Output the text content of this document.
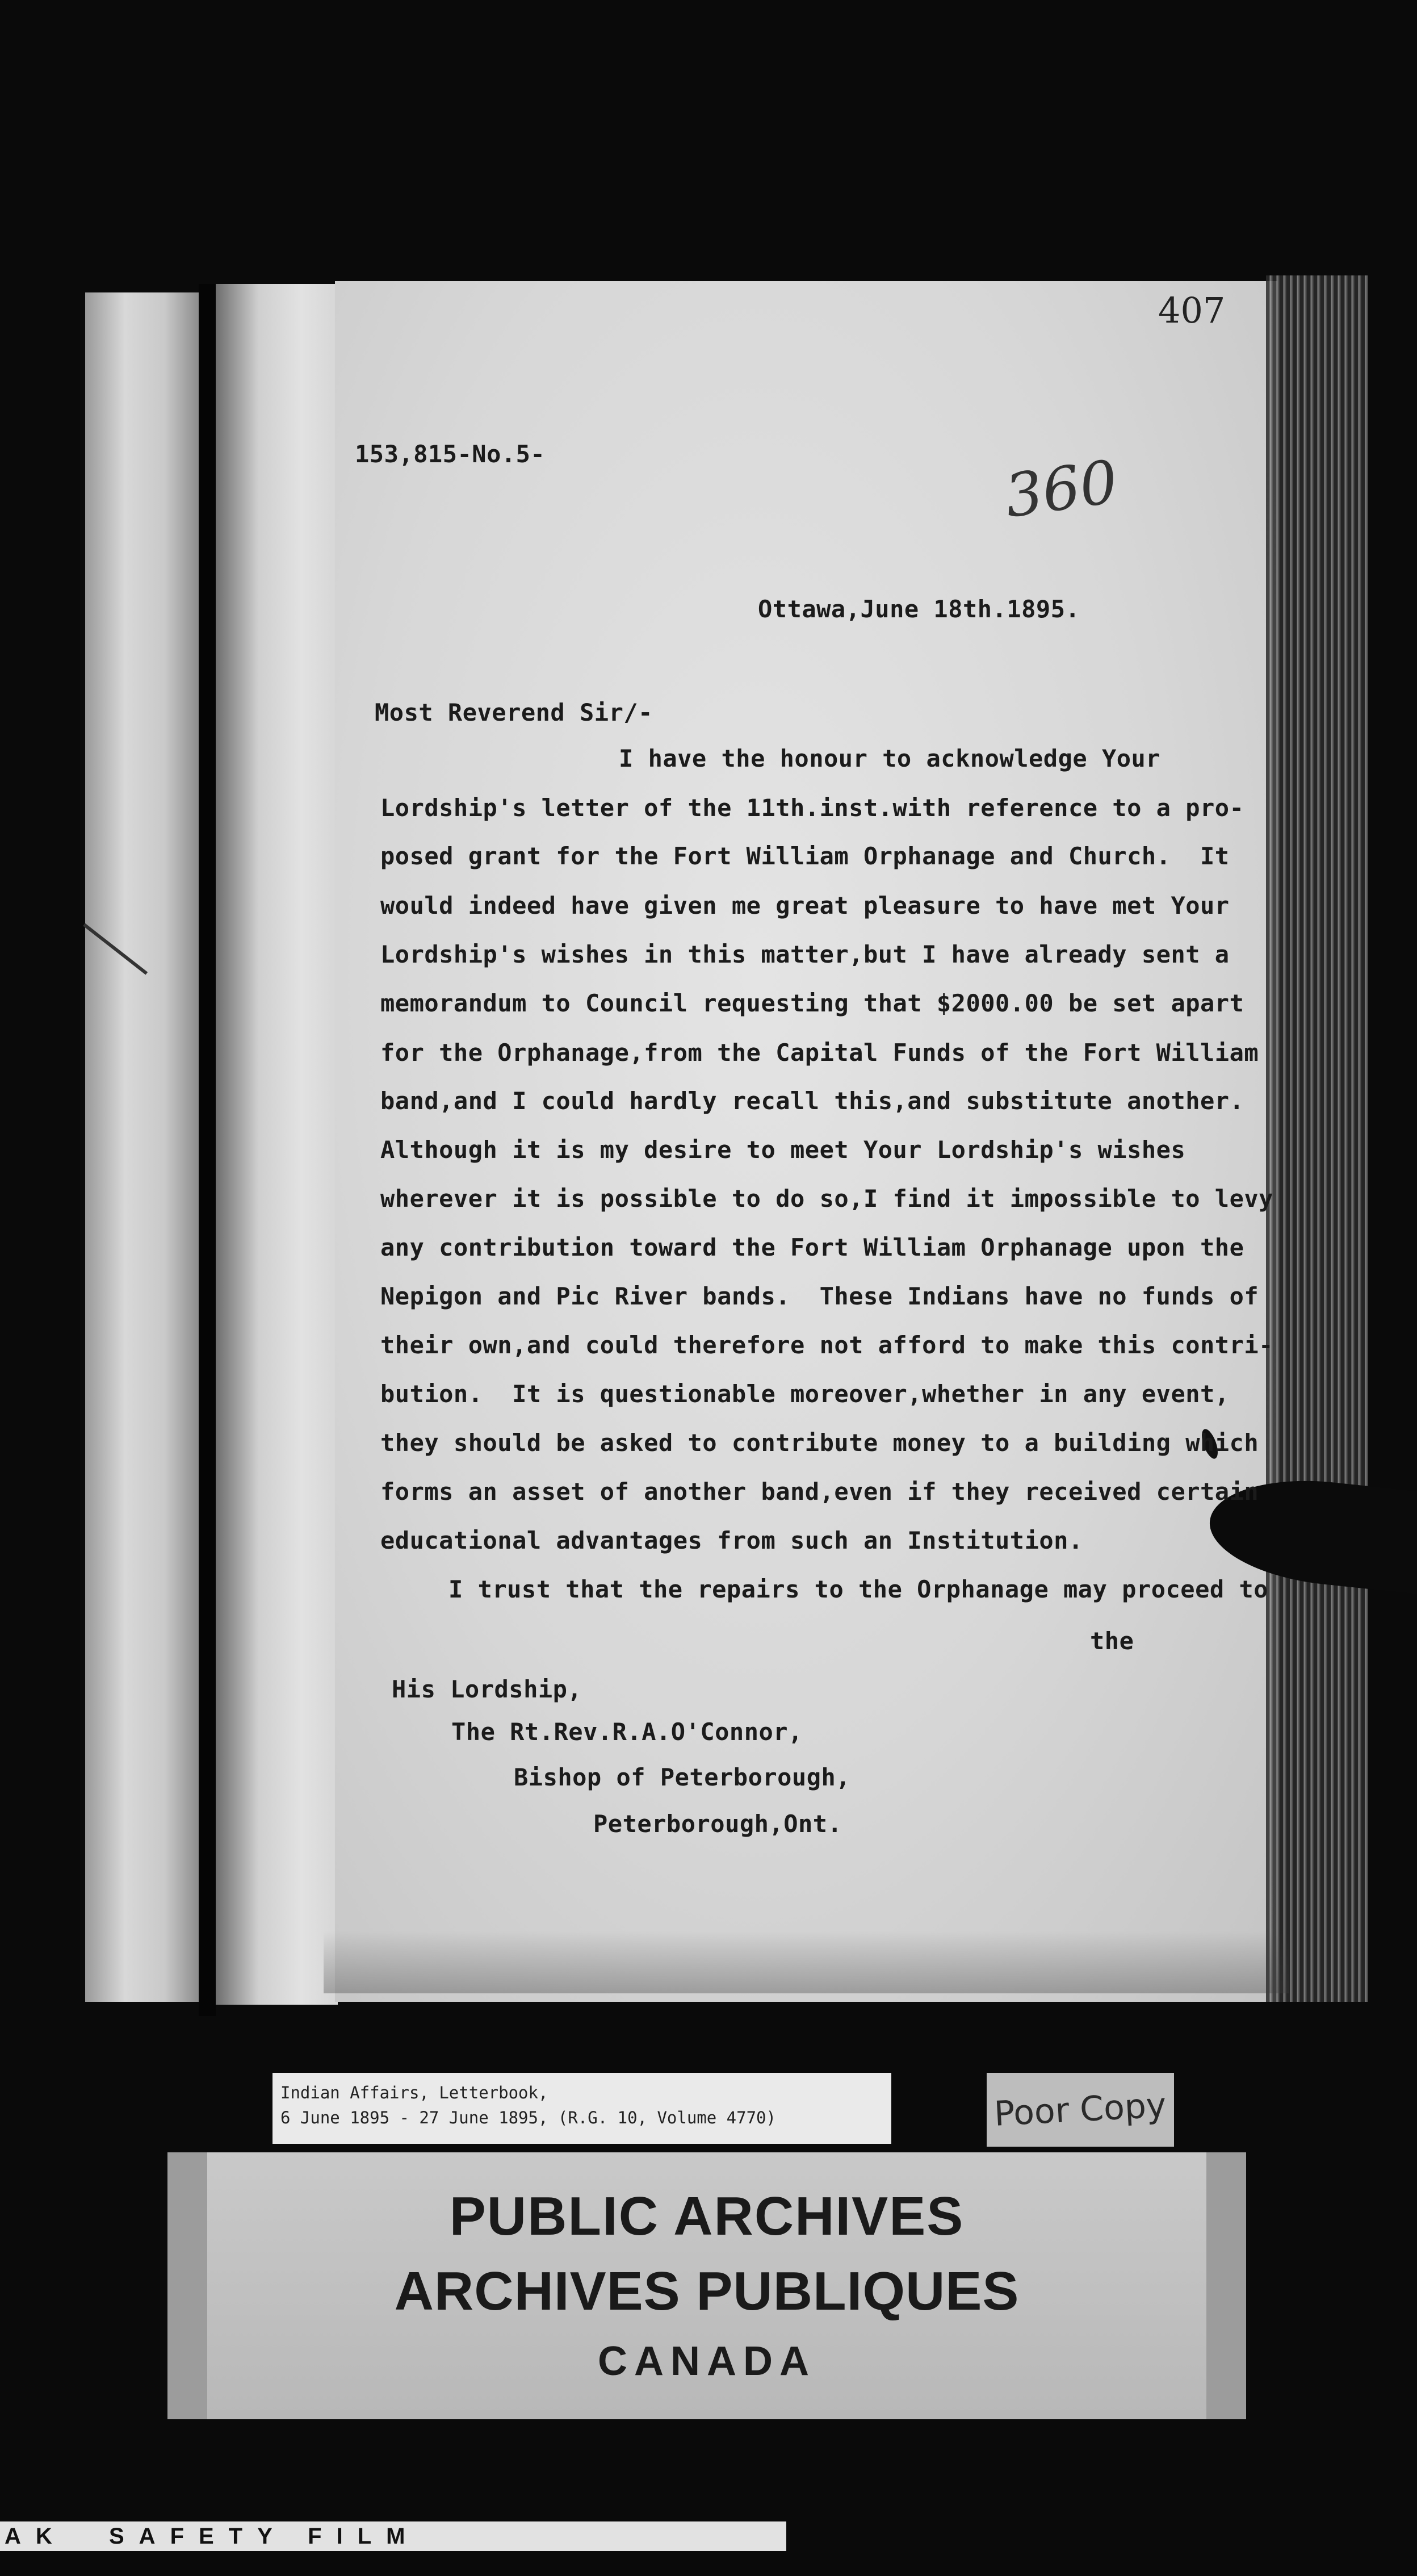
407
360
153,815-No.5-
Ottawa,June 18th.1895.
Most Reverend Sir/-
I have the honour to acknowledge Your
Lordship's letter of the 11th.inst.with reference to a pro-
posed grant for the Fort William Orphanage and Church.  It
would indeed have given me great pleasure to have met Your
Lordship's wishes in this matter,but I have already sent a
memorandum to Council requesting that $2000.00 be set apart
for the Orphanage,from the Capital Funds of the Fort William
band,and I could hardly recall this,and substitute another.
Although it is my desire to meet Your Lordship's wishes
wherever it is possible to do so,I find it impossible to levy
any contribution toward the Fort William Orphanage upon the
Nepigon and Pic River bands.  These Indians have no funds of
their own,and could therefore not afford to make this contri-
bution.  It is questionable moreover,whether in any event,
they should be asked to contribute money to a building which
forms an asset of another band,even if they received certain
educational advantages from such an Institution.
I trust that the repairs to the Orphanage may proceed to
the
His Lordship,
The Rt.Rev.R.A.O'Connor,
Bishop of Peterborough,
Peterborough,Ont.
Indian Affairs, Letterbook,
6 June 1895 - 27 June 1895, (R.G. 10, Volume 4770)	Poor Copy
PUBLIC ARCHIVES
ARCHIVES PUBLIQUES
CANADA
AK  SAFETY FILM
